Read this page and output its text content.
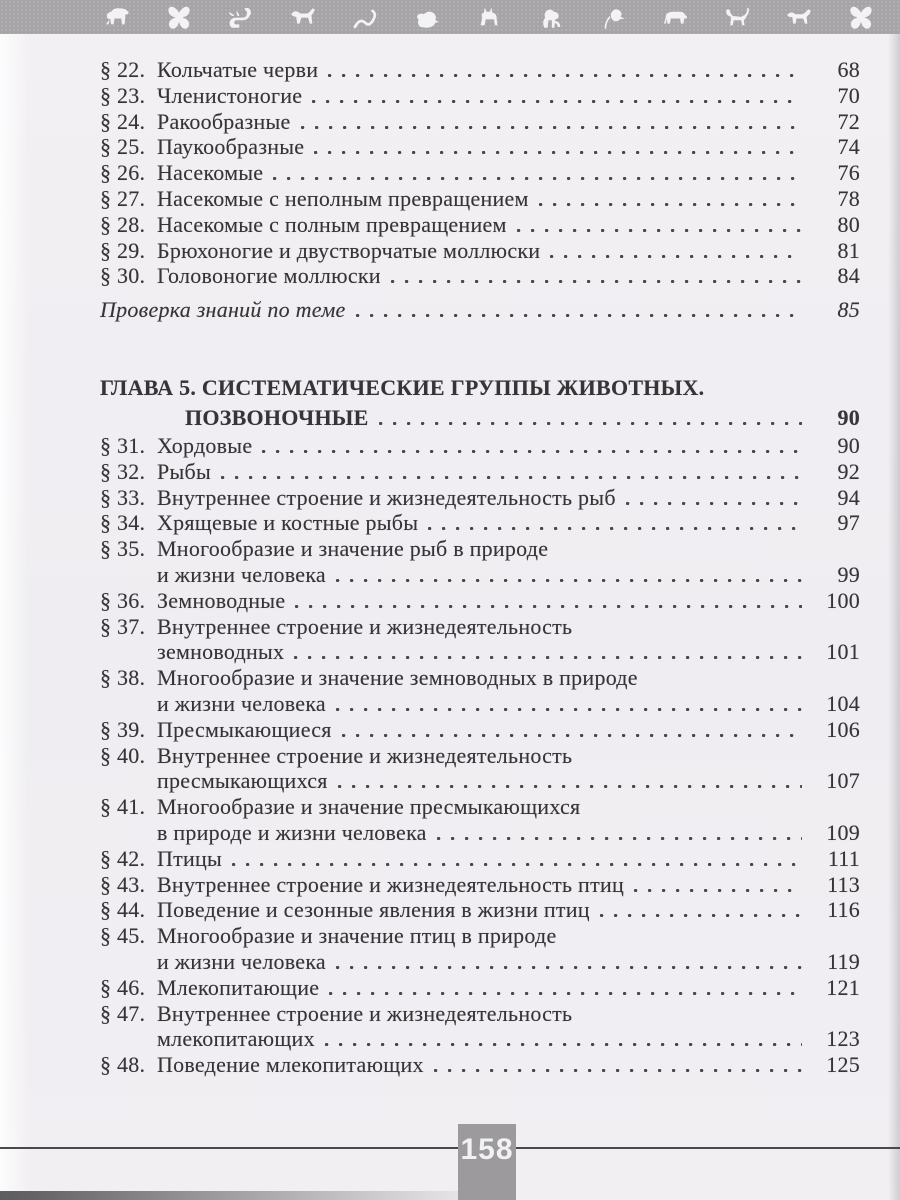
§ 22. Кольчатые черви	68
§ 23. Членистоногие	70
§ 24. Ракообразные	72
§ 25. Паукообразные	74
§ 26. Насекомые	76
§ 27. Насекомые с неполным превращением	78
§ 28. Насекомые с полным превращением	80
§ 29. Брюхоногие и двустворчатые моллюски	81
§ 30. Головоногие моллюски	84
Проверка знаний по теме	85
ГЛАВА 5. СИСТЕМАТИЧЕСКИЕ ГРУППЫ ЖИВОТНЫХ.
ПОЗВОНОЧНЫЕ	90
§ 31. Хордовые	90
§ 32. Рыбы	92
§ 33. Внутреннее строение и жизнедеятельность рыб	94
§ 34. Хрящевые и костные рыбы	97
§ 35. Многообразие и значение рыб в природе
и жизни человека	99
§ 36. Земноводные	100
§ 37. Внутреннее строение и жизнедеятельность
земноводных	101
§ 38. Многообразие и значение земноводных в природе
и жизни человека	104
§ 39. Пресмыкающиеся	106
§ 40. Внутреннее строение и жизнедеятельность
пресмыкающихся	107
§ 41. Многообразие и значение пресмыкающихся
в природе и жизни человека	109
§ 42. Птицы	111
§ 43. Внутреннее строение и жизнедеятельность птиц	113
§ 44. Поведение и сезонные явления в жизни птиц	116
§ 45. Многообразие и значение птиц в природе
и жизни человека	119
§ 46. Млекопитающие	121
§ 47. Внутреннее строение и жизнедеятельность
млекопитающих	123
§ 48. Поведение млекопитающих	125
158
